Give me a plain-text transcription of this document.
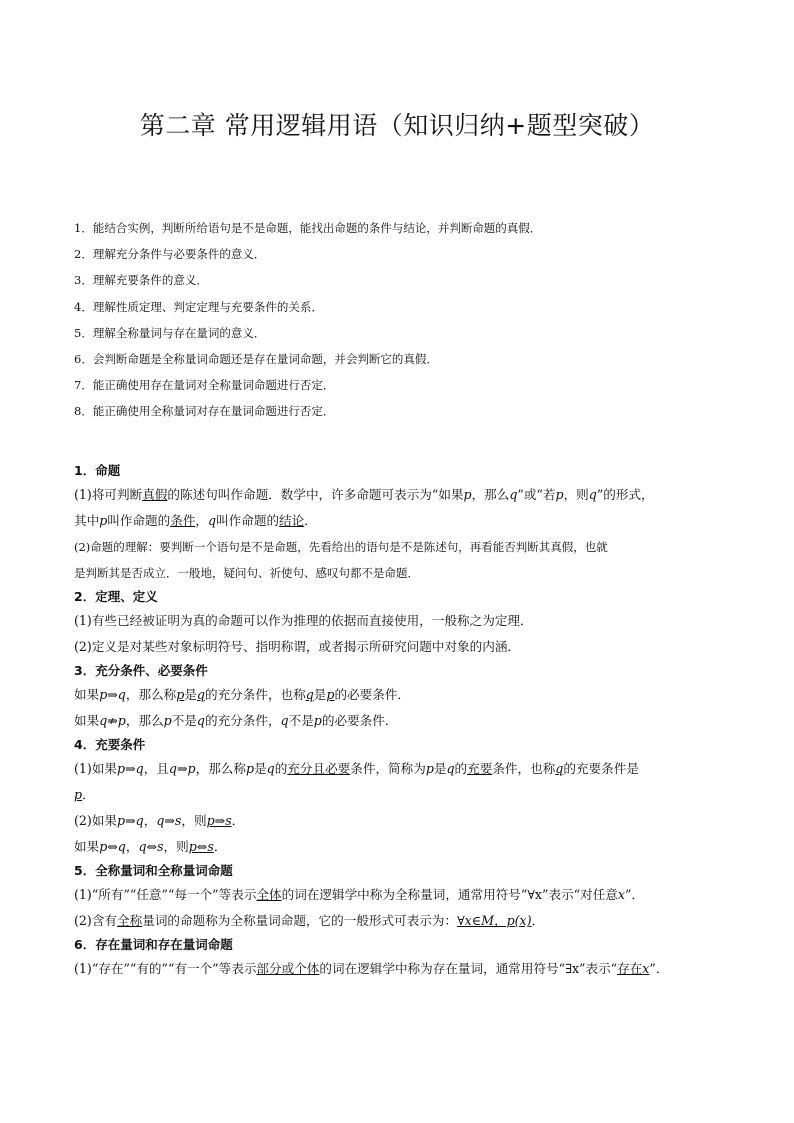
第二章 常用逻辑用语（知识归纳+题型突破）
1．能结合实例，判断所给语句是不是命题，能找出命题的条件与结论，并判断命题的真假．
2．理解充分条件与必要条件的意义．
3．理解充要条件的意义．
4．理解性质定理、判定定理与充要条件的关系．
5．理解全称量词与存在量词的意义．
6．会判断命题是全称量词命题还是存在量词命题，并会判断它的真假．
7．能正确使用存在量词对全称量词命题进行否定．
8．能正确使用全称量词对存在量词命题进行否定．
1．命题

(1)将可判断真假的陈述句叫作命题．数学中，许多命题可表示为“如果p，那么q”或“若p，则q”的形式，

其中p叫作命题的条件，q叫作命题的结论．

(2)命题的理解：要判断一个语句是不是命题，先看给出的语句是不是陈述句，再看能否判断其真假，也就

是判断其是否成立．一般地，疑问句、祈使句、感叹句都不是命题．

2．定理、定义

(1)有些已经被证明为真的命题可以作为推理的依据而直接使用，一般称之为定理．

(2)定义是对某些对象标明符号、指明称谓，或者揭示所研究问题中对象的内涵．

3．充分条件、必要条件

如果p⇒q，那么称p是q的充分条件，也称q是p的必要条件．

如果q⇏p，那么p不是q的充分条件，q不是p的必要条件．

4．充要条件

(1)如果p⇒q，且q⇒p，那么称p是q的充分且必要条件，简称为p是q的充要条件，也称q的充要条件是

p．

(2)如果p⇒q，q⇒s，则p⇒s．

如果p⇔q，q⇔s，则p⇔s．

5．全称量词和全称量词命题

(1)“所有”“任意”“每一个”等表示全体的词在逻辑学中称为全称量词，通常用符号“∀x”表示“对任意x”．

(2)含有全称量词的命题称为全称量词命题，它的一般形式可表示为：∀x∈M，p(x)．

6．存在量词和存在量词命题

(1)“存在”“有的”“有一个”等表示部分或个体的词在逻辑学中称为存在量词，通常用符号“∃x”表示“存在x”．
